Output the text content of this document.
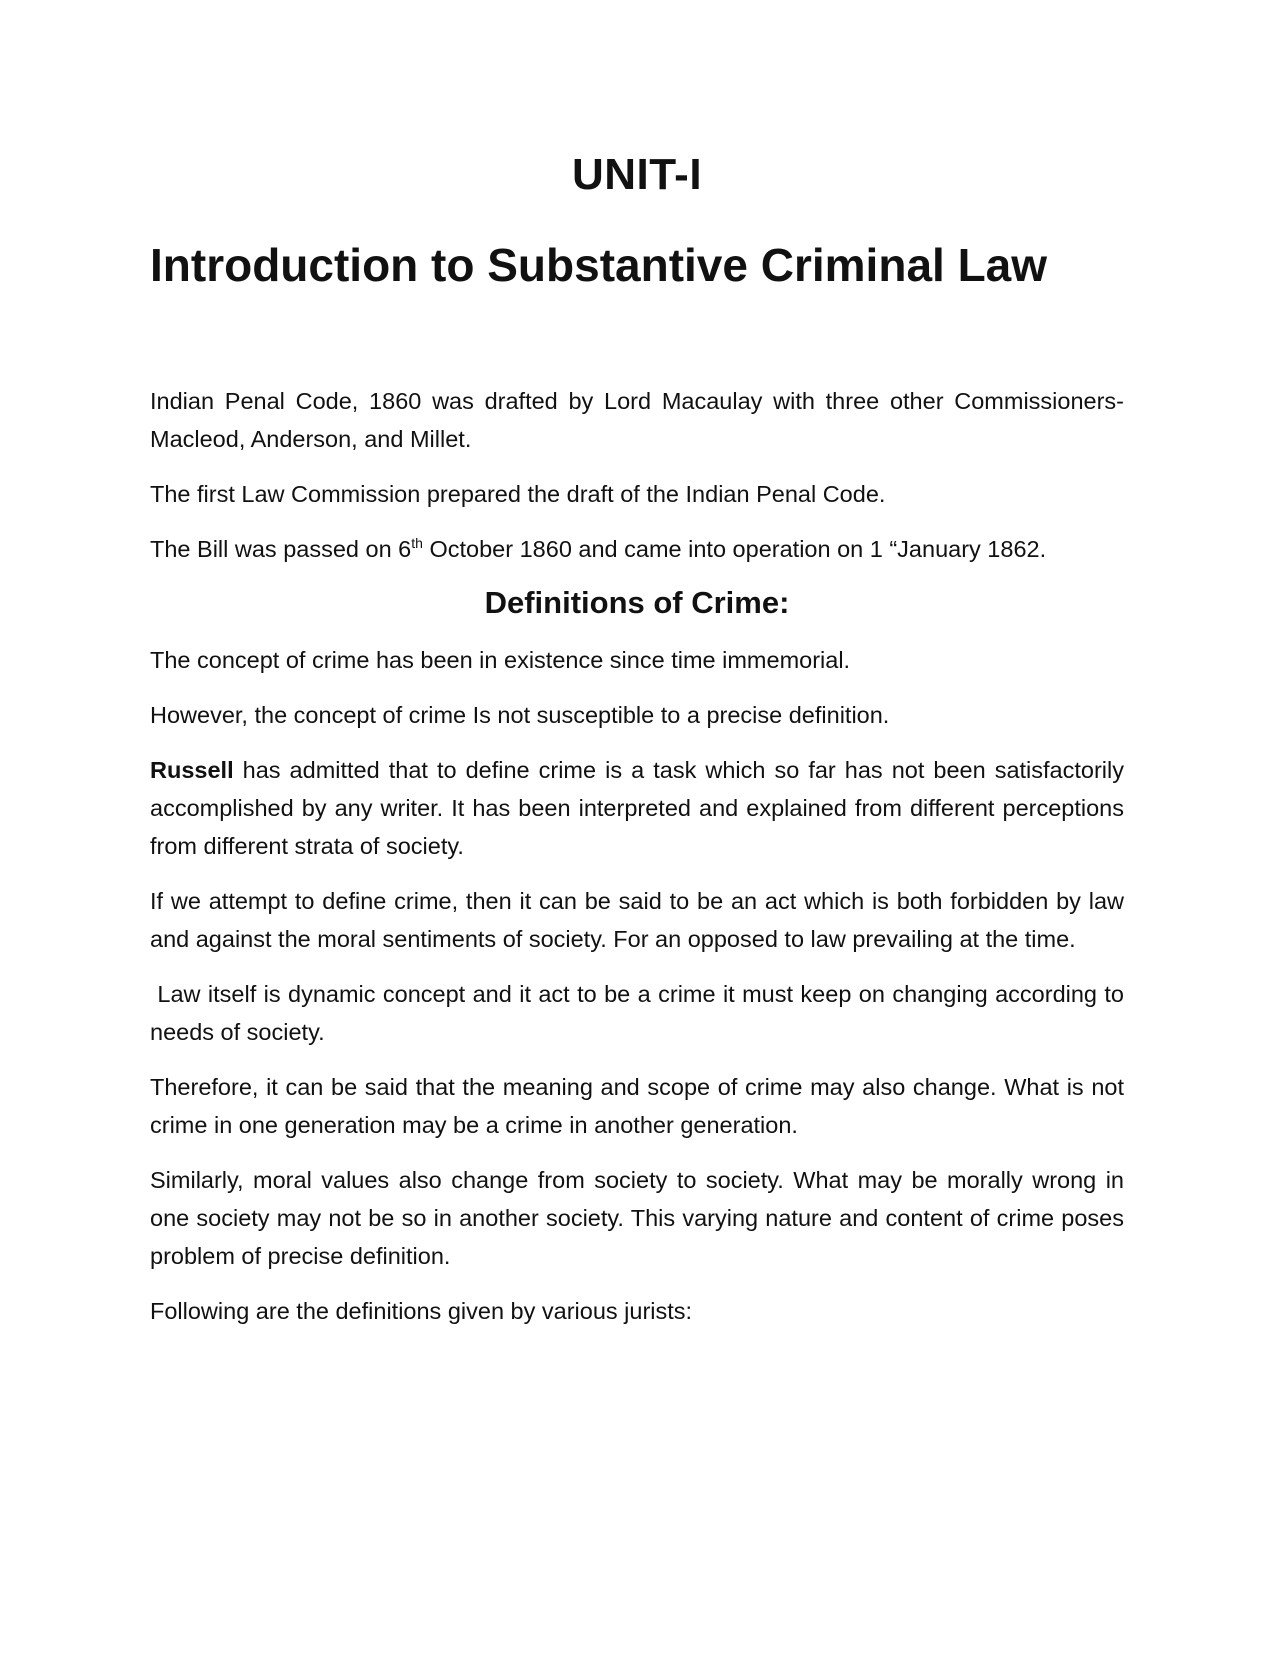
UNIT-I
Introduction to Substantive Criminal Law

Indian Penal Code, 1860 was drafted by Lord Macaulay with three other Commissioners- Macleod, Anderson, and Millet.

The first Law Commission prepared the draft of the Indian Penal Code.

The Bill was passed on 6th October 1860 and came into operation on 1 “January 1862.

Definitions of Crime:

The concept of crime has been in existence since time immemorial.

However, the concept of crime Is not susceptible to a precise definition.

Russell has admitted that to define crime is a task which so far has not been satisfactorily accomplished by any writer. It has been interpreted and explained from different perceptions from different strata of society.

If we attempt to define crime, then it can be said to be an act which is both forbidden by law and against the moral sentiments of society. For an opposed to law prevailing at the time.

Law itself is dynamic concept and it act to be a crime it must keep on changing according to needs of society.

Therefore, it can be said that the meaning and scope of crime may also change. What is not crime in one generation may be a crime in another generation.

Similarly, moral values also change from society to society. What may be morally wrong in one society may not be so in another society. This varying nature and content of crime poses problem of precise definition.

Following are the definitions given by various jurists:
